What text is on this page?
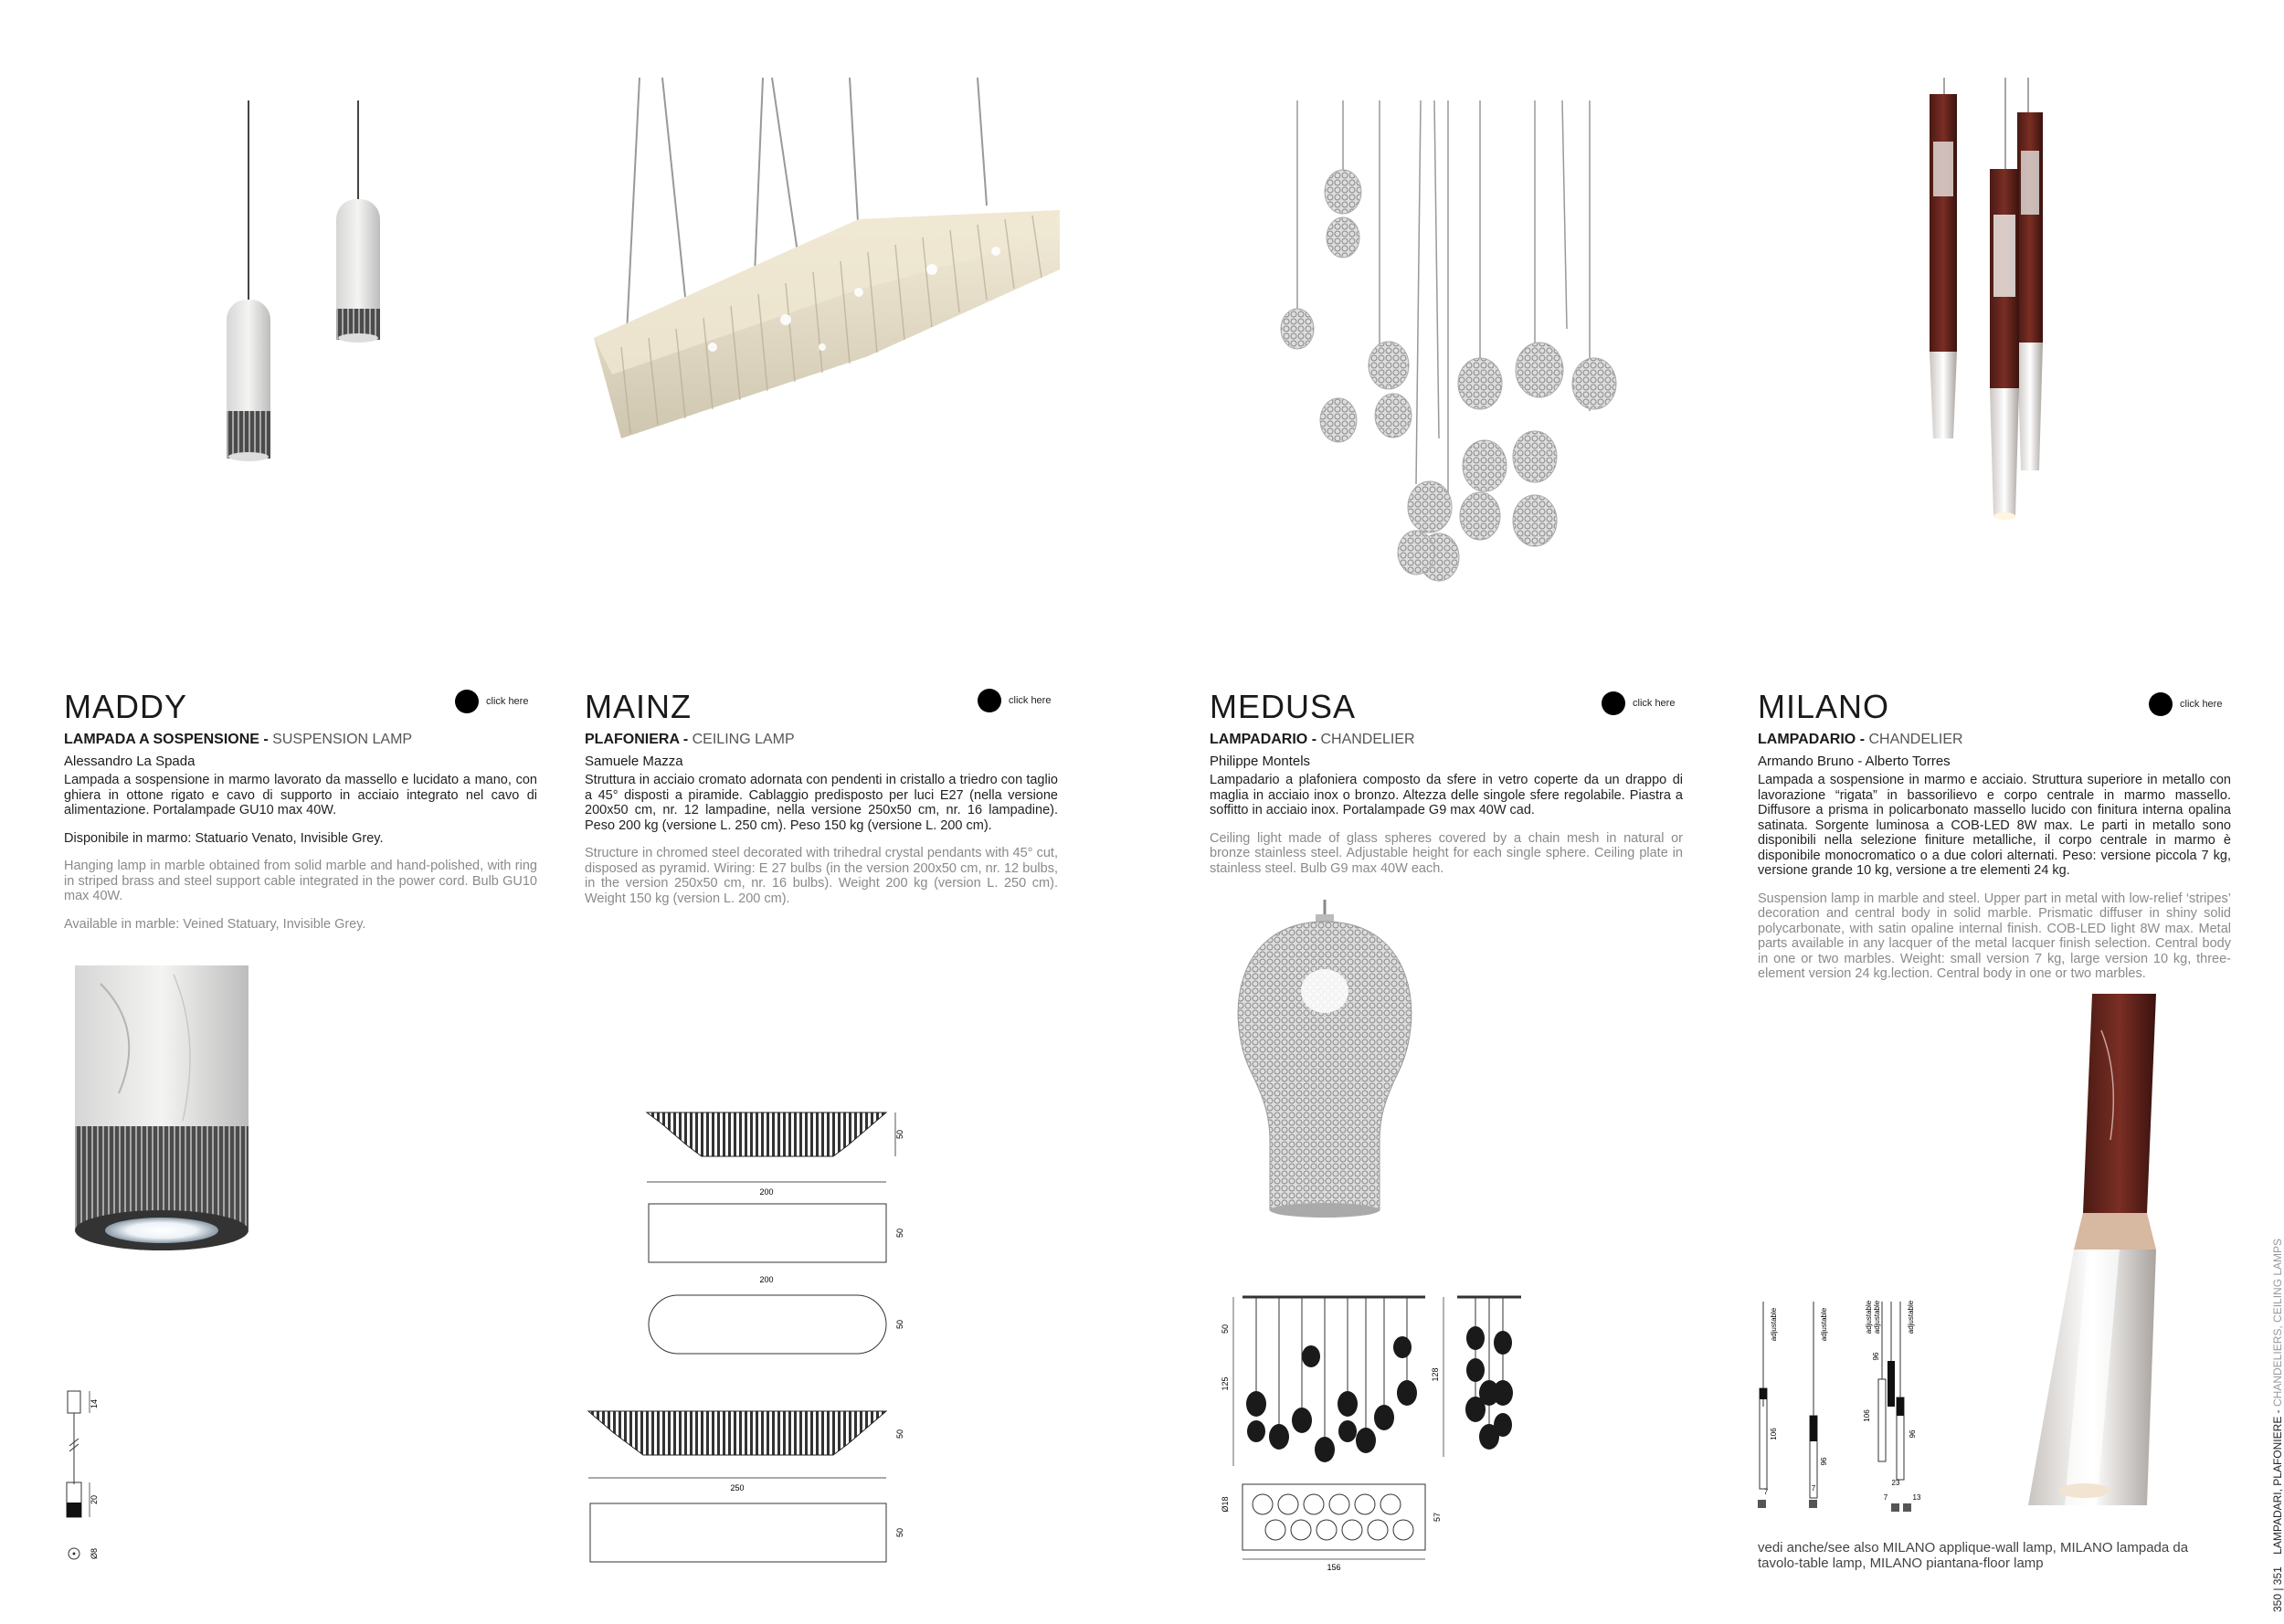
MADDY
LAMPADA A SOSPENSIONE - SUSPENSION LAMP
Alessandro La Spada
click here

Lampada a sospensione in marmo lavorato da massello e lucidato a mano, con ghiera in ottone rigato e cavo di supporto in acciaio integrato nel cavo di alimentazione. Portalampade GU10 max 40W.

Disponibile in marmo: Statuario Venato, Invisible Grey.

Hanging lamp in marble obtained from solid marble and hand-polished, with ring in striped brass and steel support cable integrated in the power cord. Bulb GU10 max 40W.

Available in marble: Veined Statuary, Invisible Grey.

14
20
Ø8
MAINZ
PLAFONIERA - CEILING LAMP
Samuele Mazza
click here

Struttura in acciaio cromato adornata con pendenti in cristallo a triedro con taglio a 45° disposti a piramide. Cablaggio predisposto per luci E27 (nella versione 200x50 cm, nr. 12 lampadine, nella versione 250x50 cm, nr. 16 lampadine). Peso 200 kg (versione L. 250 cm). Peso 150 kg (versione L. 200 cm).

Structure in chromed steel decorated with trihedral crystal pendants with 45° cut, disposed as pyramid. Wiring: E 27 bulbs (in the version 200x50 cm, nr. 12 bulbs, in the version 250x50 cm, nr. 16 bulbs). Weight 200 kg (version L. 250 cm). Weight 150 kg (version L. 200 cm).

200
50
200
50
50
250
50
50
MEDUSA
LAMPADARIO - CHANDELIER
Philippe Montels
click here

Lampadario a plafoniera composto da sfere in vetro coperte da un drappo di maglia in acciaio inox o bronzo. Altezza delle singole sfere regolabile. Piastra a soffitto in acciaio inox. Portalampade G9 max 40W cad.

Ceiling light made of glass spheres covered by a chain mesh in natural or bronze stainless steel. Adjustable height for each single sphere. Ceiling plate in stainless steel. Bulb G9 max 40W each.

50
125
128
Ø18
57
156
MILANO
LAMPADARIO - CHANDELIER
Armando Bruno - Alberto Torres
click here

Lampada a sospensione in marmo e acciaio. Struttura superiore in metallo con lavorazione “rigata” in bassorilievo e corpo centrale in marmo massello. Diffusore a prisma in policarbonato massello lucido con finitura interna opalina satinata. Sorgente luminosa a COB-LED 8W max. Le parti in metallo sono disponibili nella selezione finiture metalliche, il corpo centrale in marmo è disponibile monocromatico o a due colori alternati. Peso: versione piccola 7 kg, versione grande 10 kg, versione a tre elementi 24 kg.

Suspension lamp in marble and steel. Upper part in metal with low-relief ‘stripes’ decoration and central body in solid marble. Prismatic diffuser in shiny solid polycarbonate, with satin opaline internal finish. COB-LED light 8W max. Metal parts available in any lacquer of the metal lacquer finish selection. Central body in one or two marbles. Weight: small version 7 kg, large version 10 kg, three-element version 24 kg.lection. Central body in one or two marbles.

adjustable	adjustable	adjustable adjustable	adjustable
106
96
106
96
96
7	7
23
7	13
vedi anche/see also MILANO applique-wall lamp, MILANO lampada da tavolo-table lamp, MILANO piantana-floor lamp
350 | 351    LAMPADARI, PLAFONIERE - CHANDELIERS, CEILING LAMPS
